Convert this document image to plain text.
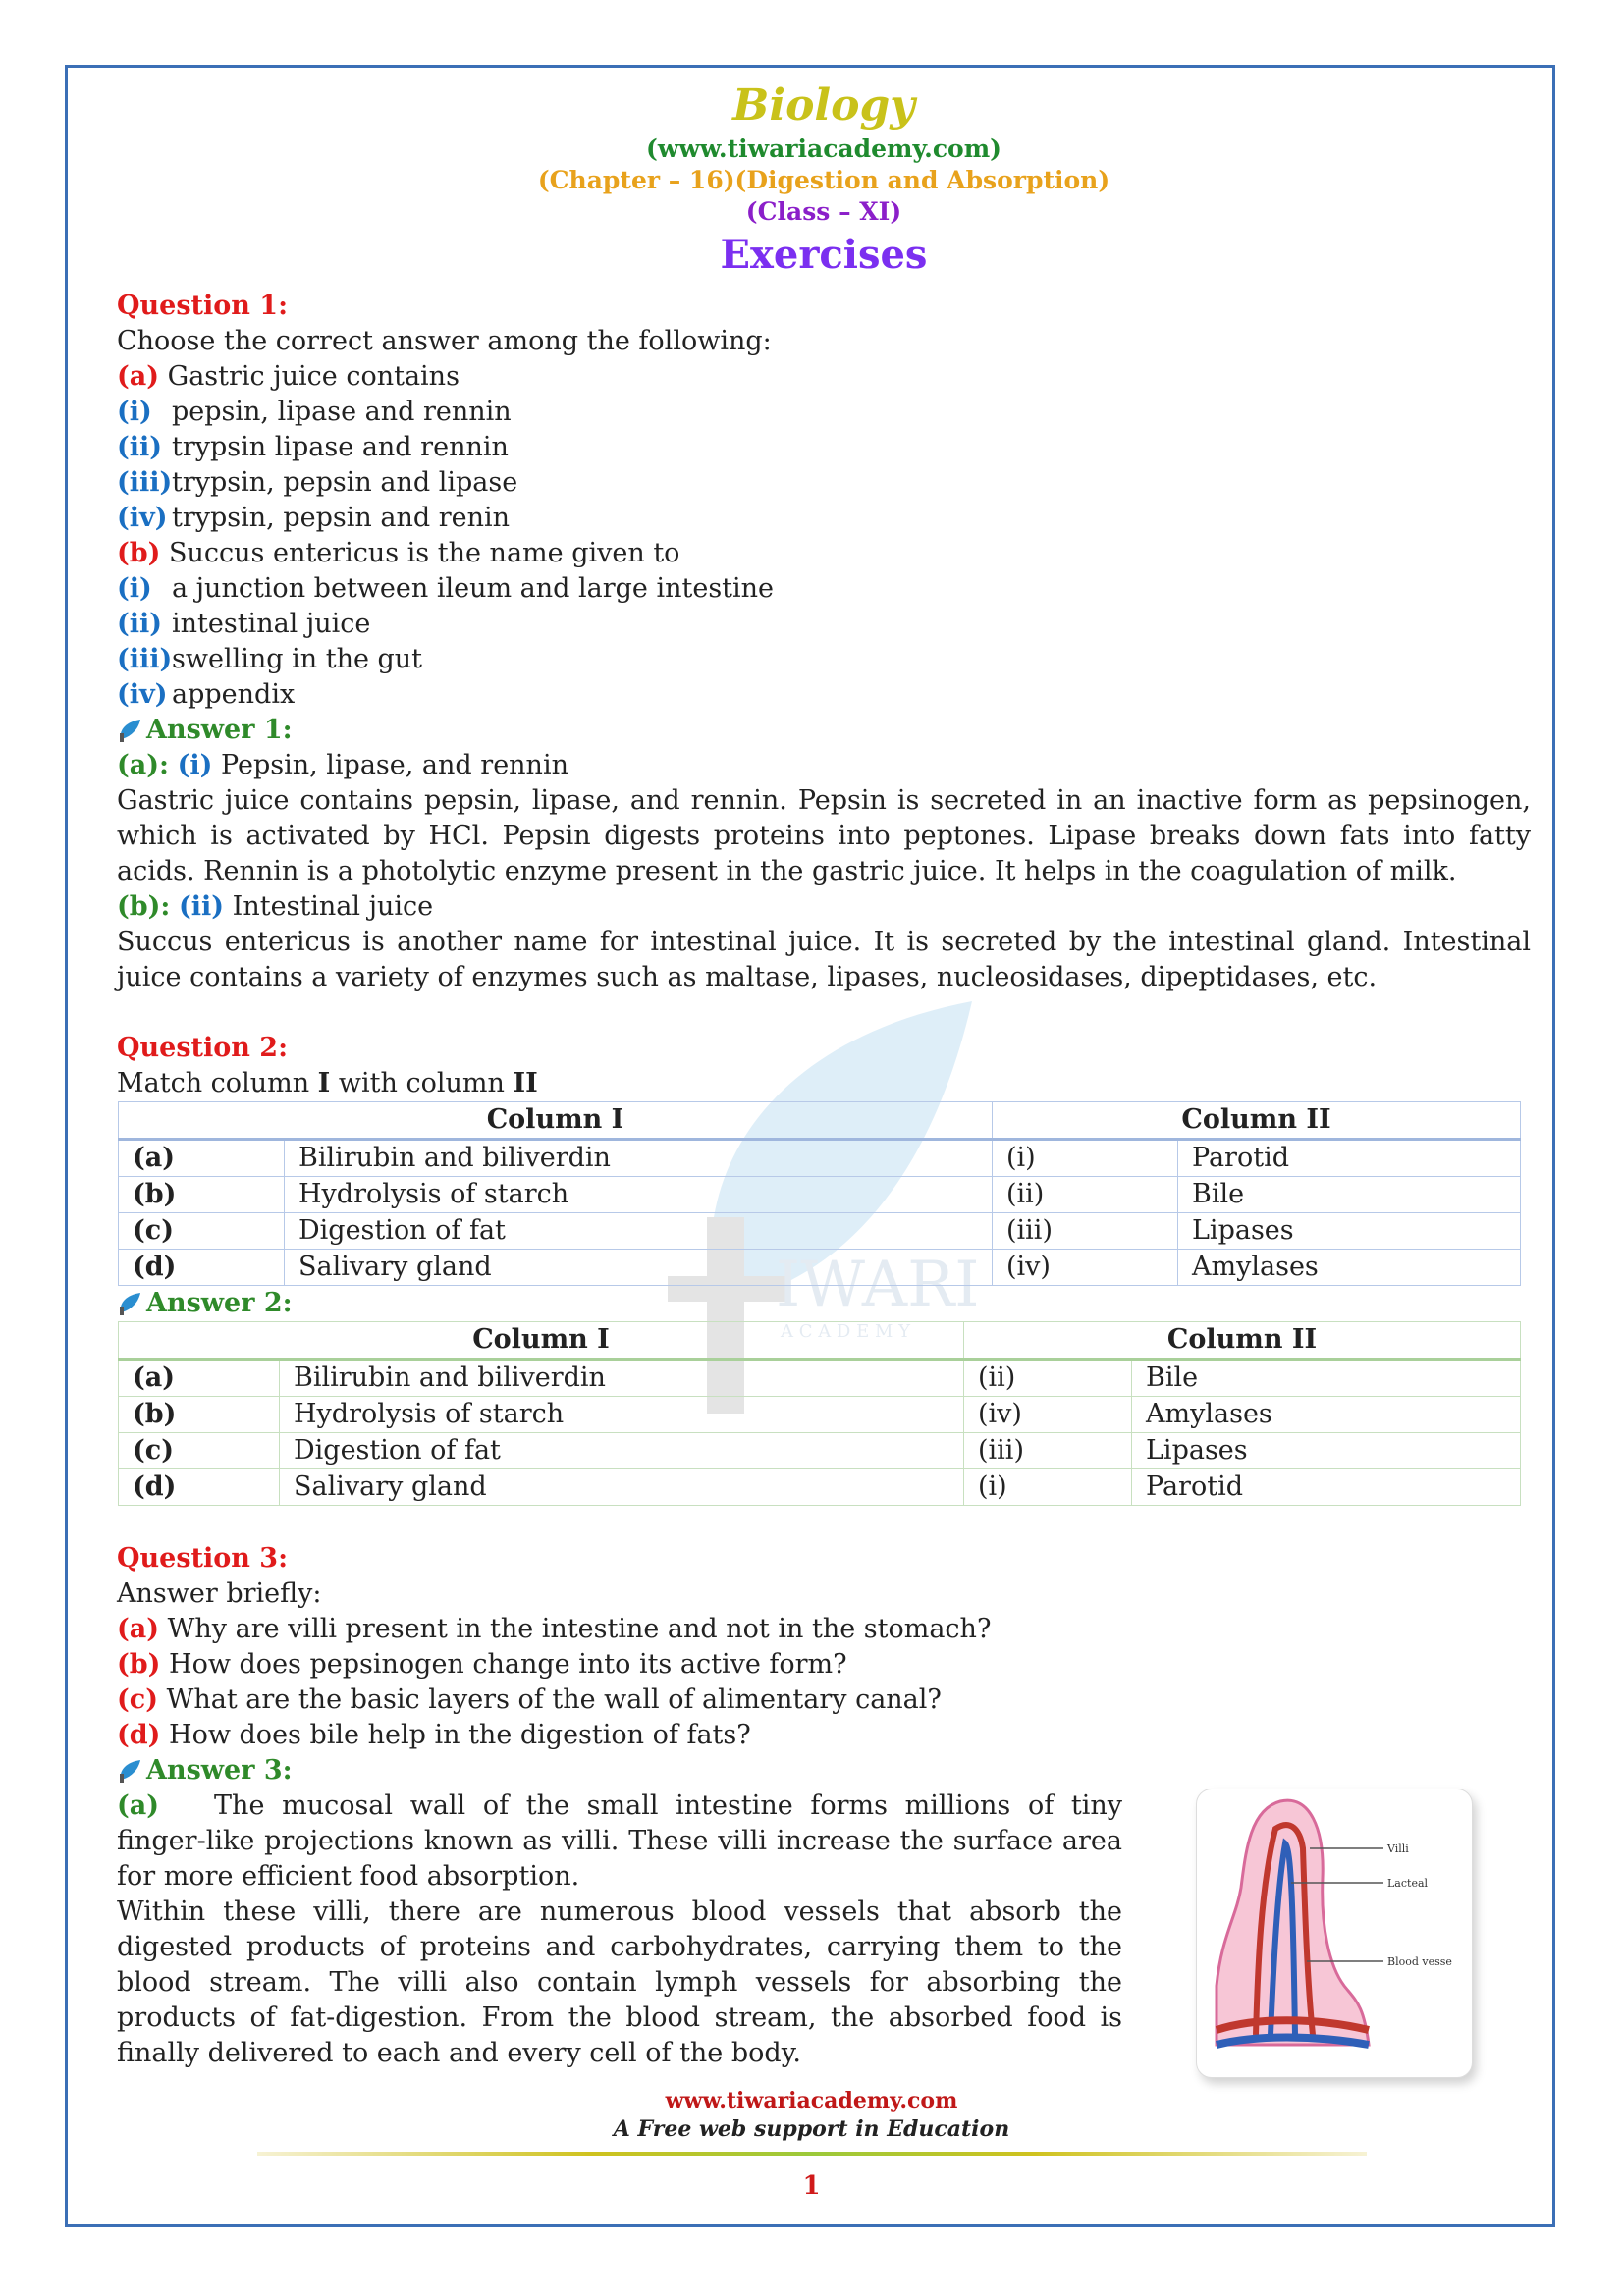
IWARI
A C A D E M Y
Biology
(www.tiwariacademy.com)
(Chapter – 16)(Digestion and Absorption)
(Class – XI)
Exercises
Question 1:
Choose the correct answer among the following:
(a) Gastric juice contains
(i) pepsin, lipase and rennin
(ii) trypsin lipase and rennin
(iii)trypsin, pepsin and lipase
(iv) trypsin, pepsin and renin
(b) Succus entericus is the name given to
(i) a junction between ileum and large intestine
(ii) intestinal juice
(iii)swelling in the gut
(iv) appendix
Answer 1:
(a): (i) Pepsin, lipase, and rennin
Gastric juice contains pepsin, lipase, and rennin. Pepsin is secreted in an inactive form as pepsinogen, which is activated by HCl. Pepsin digests proteins into peptones. Lipase breaks down fats into fatty acids. Rennin is a photolytic enzyme present in the gastric juice. It helps in the coagulation of milk.
(b): (ii) Intestinal juice
Succus entericus is another name for intestinal juice. It is secreted by the intestinal gland. Intestinal juice contains a variety of enzymes such as maltase, lipases, nucleosidases, dipeptidases, etc.
Question 2:
Match column I with column II
Column I		Column II	
(a)	Bilirubin and biliverdin	(i)	Parotid
(b)	Hydrolysis of starch	(ii)	Bile
(c)	Digestion of fat	(iii)	Lipases
(d)	Salivary gland	(iv)	Amylases
Answer 2:
Column I		Column II	
(a)	Bilirubin and biliverdin	(ii)	Bile
(b)	Hydrolysis of starch	(iv)	Amylases
(c)	Digestion of fat	(iii)	Lipases
(d)	Salivary gland	(i)	Parotid
Question 3:
Answer briefly:
(a) Why are villi present in the intestine and not in the stomach?
(b) How does pepsinogen change into its active form?
(c) What are the basic layers of the wall of alimentary canal?
(d) How does bile help in the digestion of fats?
Answer 3:
(a) The mucosal wall of the small intestine forms millions of tiny finger-like projections known as villi. These villi increase the surface area for more efficient food absorption.
Within these villi, there are numerous blood vessels that absorb the digested products of proteins and carbohydrates, carrying them to the blood stream. The villi also contain lymph vessels for absorbing the products of fat-digestion. From the blood stream, the absorbed food is finally delivered to each and every cell of the body.
Villi
Lacteal
Blood vesse
www.tiwariacademy.com
A Free web support in Education
1
